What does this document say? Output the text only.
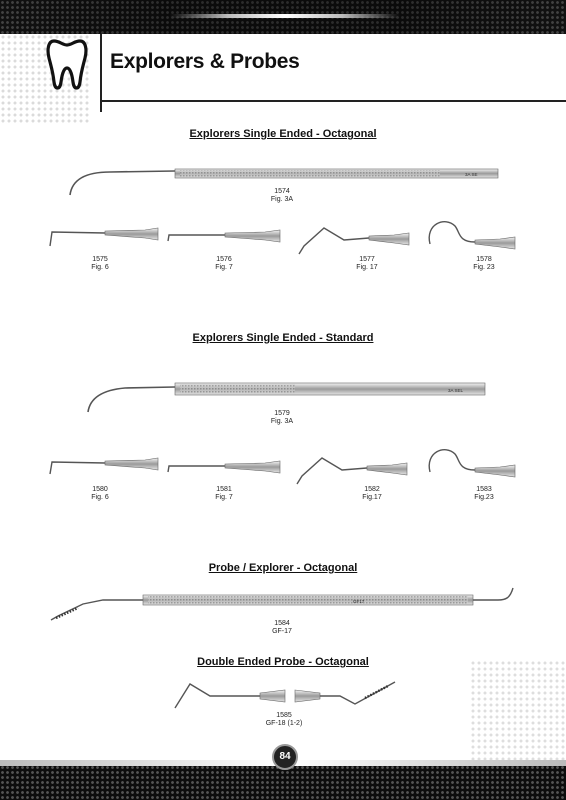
Explorers & Probes
Explorers Single Ended - Octagonal
3A SE
1574
Fig. 3A
1575
Fig. 6
1576
Fig. 7
1577
Fig. 17
1578
Fig. 23
Explorers Single Ended - Standard
3A SEL
1579
Fig. 3A
1580
Fig. 6
1581
Fig. 7
1582
Fig.17
1583
Fig.23
Probe / Explorer - Octagonal
GF17
1584
GF-17
Double Ended Probe - Octagonal
1585
GF-18 (1-2)
84
